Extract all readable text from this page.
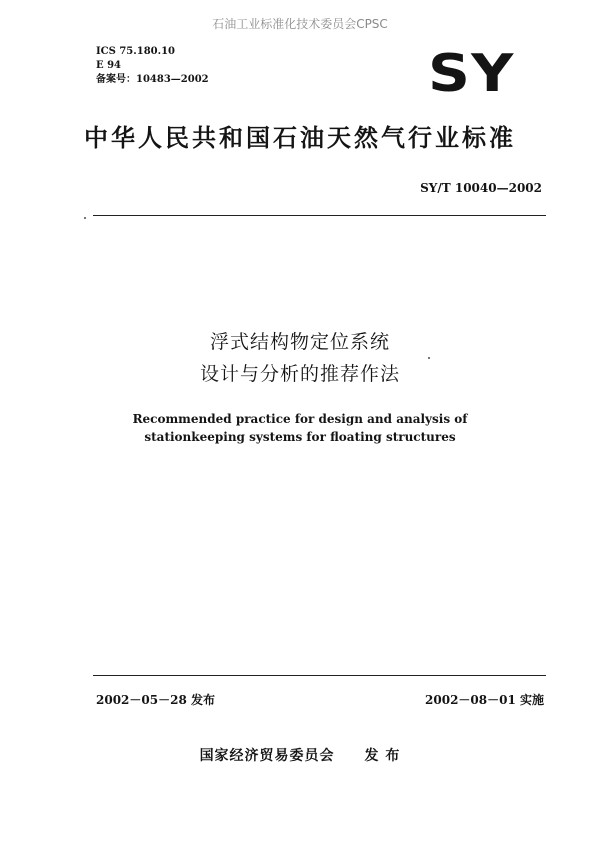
石油工业标准化技术委员会CPSC
ICS 75.180.10
E 94
备案号：10483—2002	SY
中华人民共和国石油天然气行业标准
SY/T 10040—2002
浮式结构物定位系统
设计与分析的推荐作法
Recommended practice for design and analysis of
stationkeeping systems for floating structures
2002－05－28 发布	2002－08－01 实施
国家经济贸易委员会　　发 布
